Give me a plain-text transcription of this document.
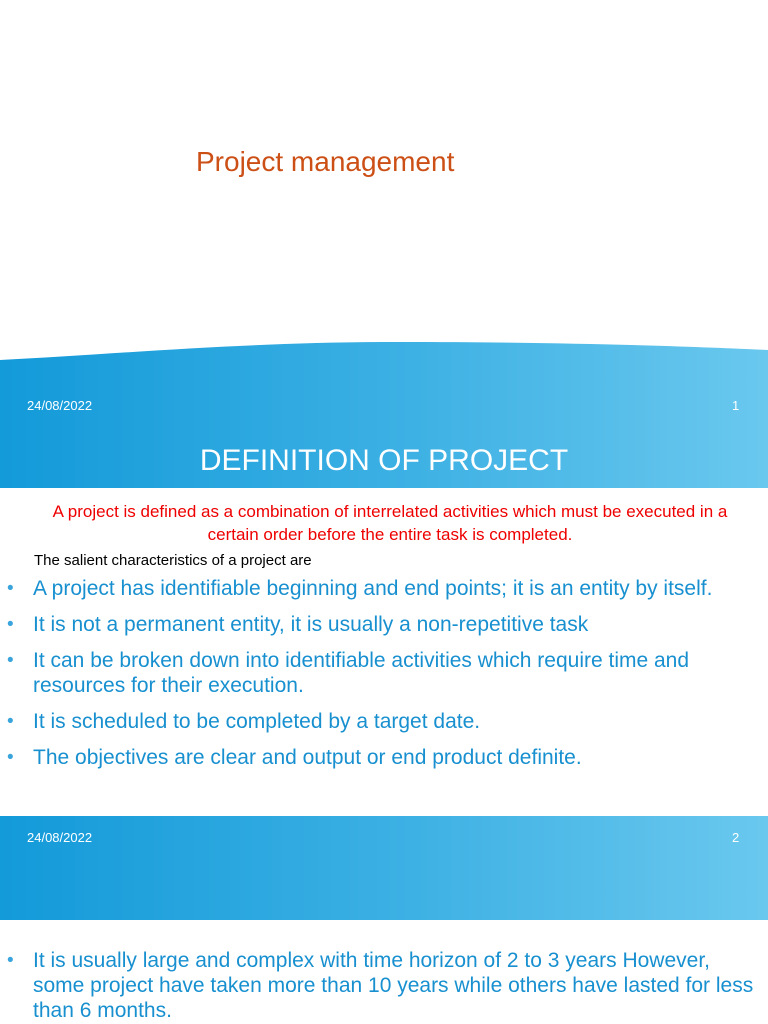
Project management
24/08/2022	1
DEFINITION OF PROJECT

A project is defined as a combination of interrelated activities which must be executed in a certain order before the entire task is completed.

The salient characteristics of a project are

• A project has identifiable beginning and end points; it is an entity by itself.
• It is not a permanent entity, it is usually a non-repetitive task
• It can be broken down into identifiable activities which require time and resources for their execution.
• It is scheduled to be completed by a target date.
• The objectives are clear and output or end product definite.
24/08/2022	2
• It is usually large and complex with time horizon of 2 to 3 years However, some project have taken more than 10 years while others have lasted for less than 6 months.
